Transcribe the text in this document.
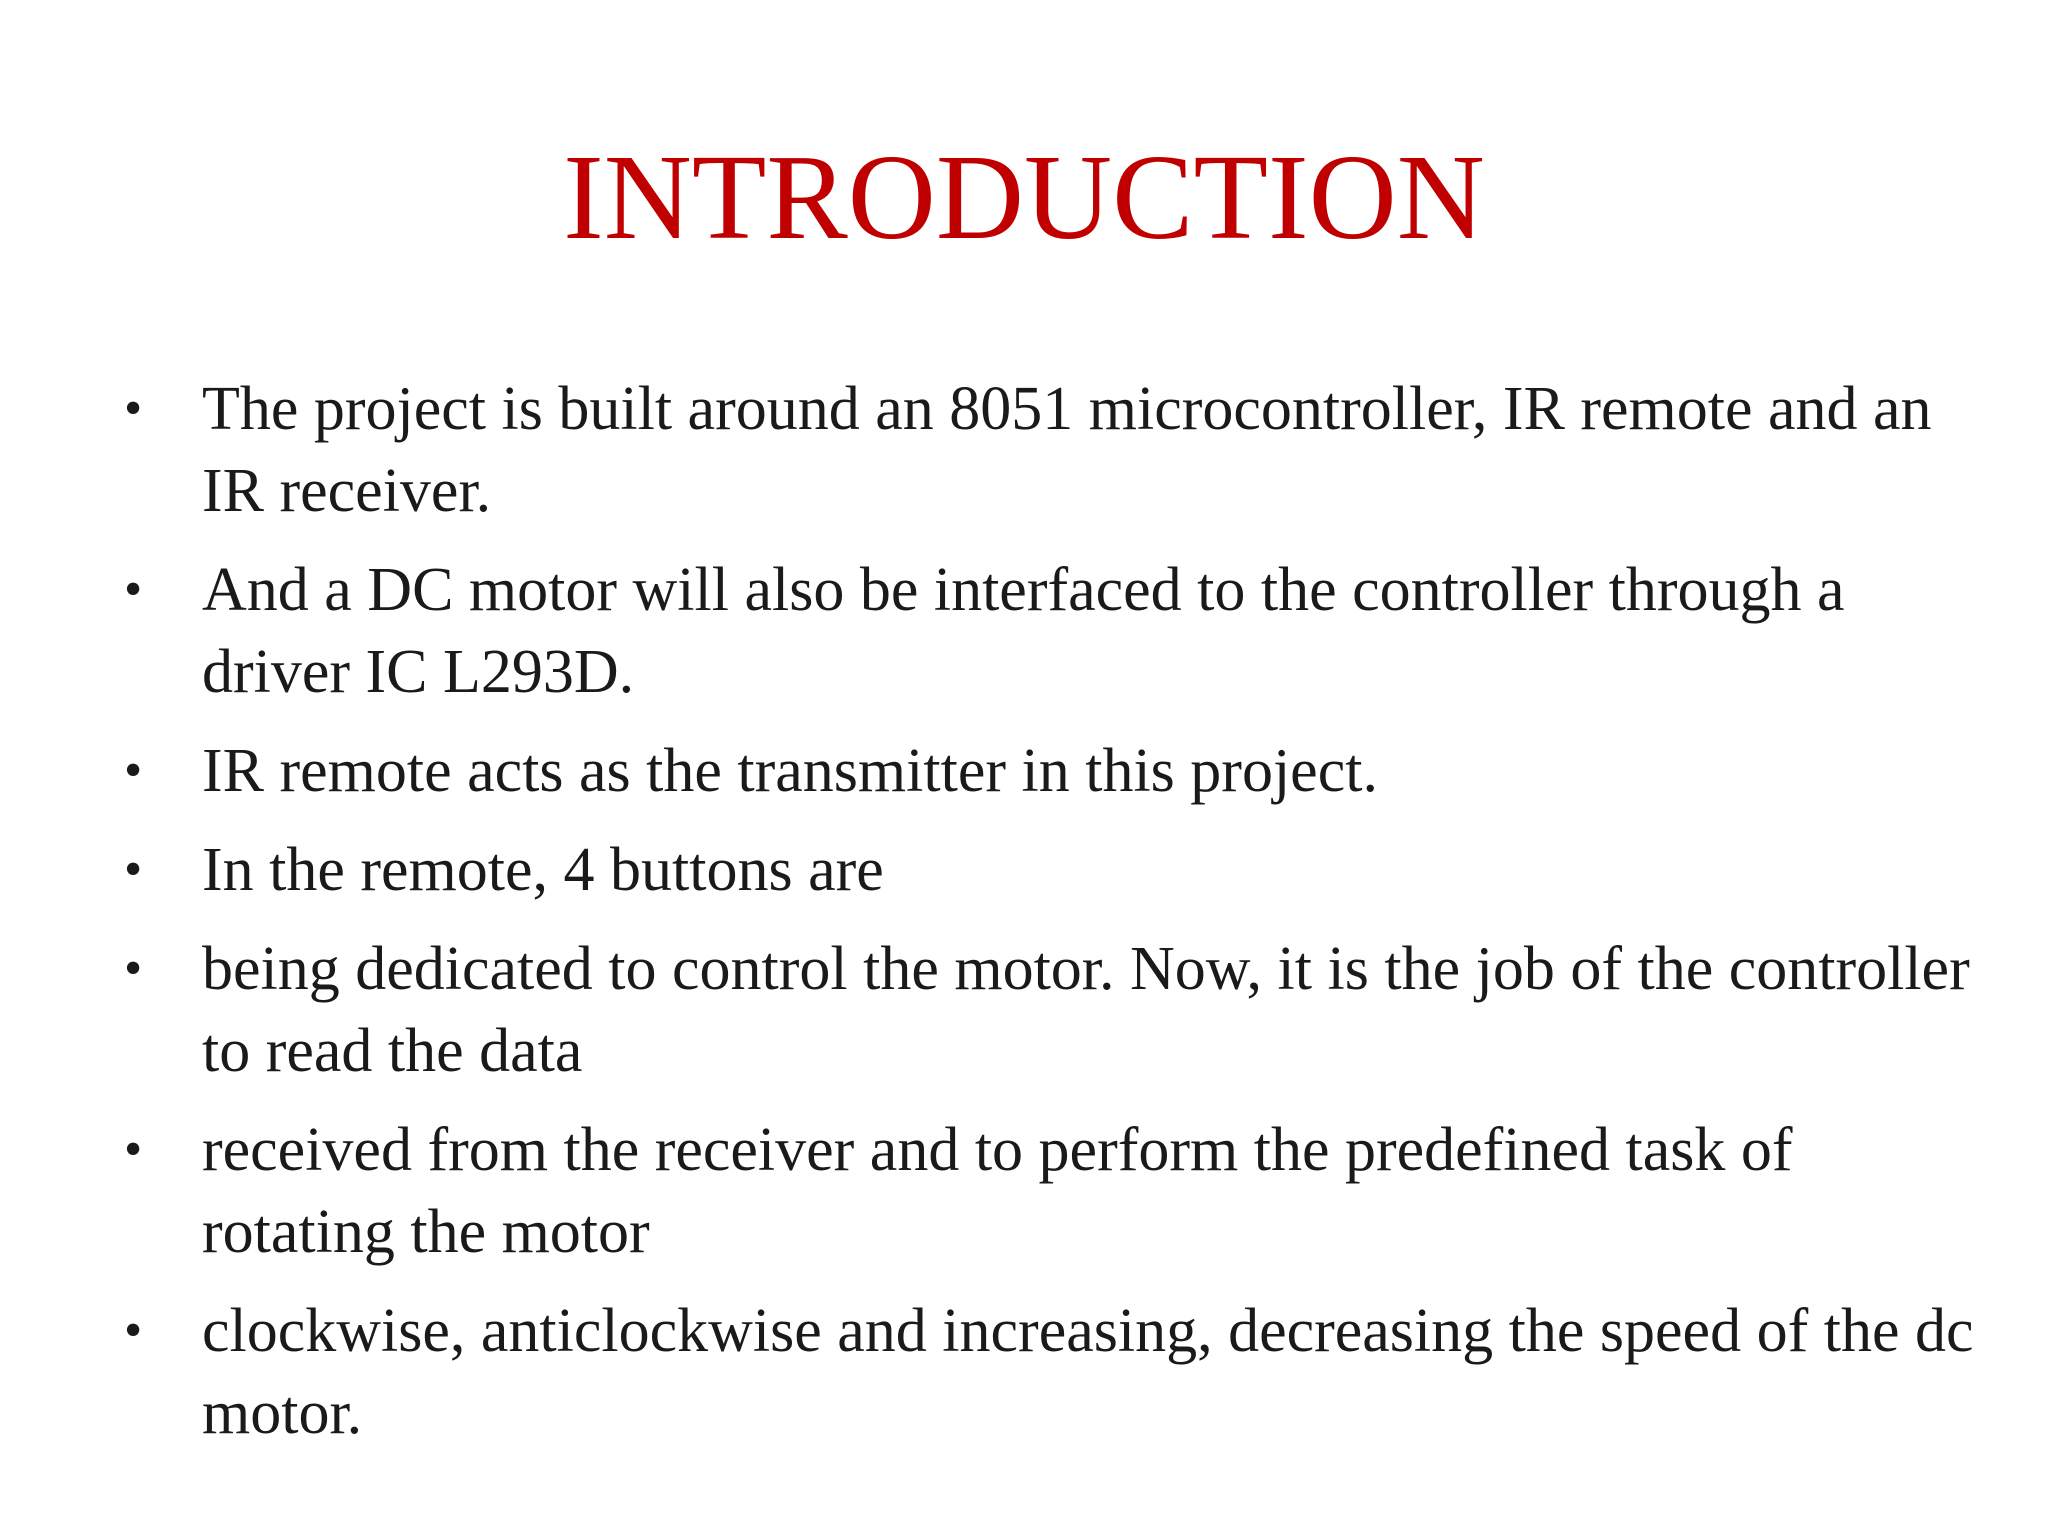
INTRODUCTION
• The project is built around an 8051 microcontroller, IR remote and an IR receiver.
• And a DC motor will also be interfaced to the controller through a driver IC L293D.
• IR remote acts as the transmitter in this project.
• In the remote, 4 buttons are
• being dedicated to control the motor. Now, it is the job of the controller to read the data
• received from the receiver and to perform the predefined task of rotating the motor
• clockwise, anticlockwise and increasing, decreasing the speed of the dc motor.
